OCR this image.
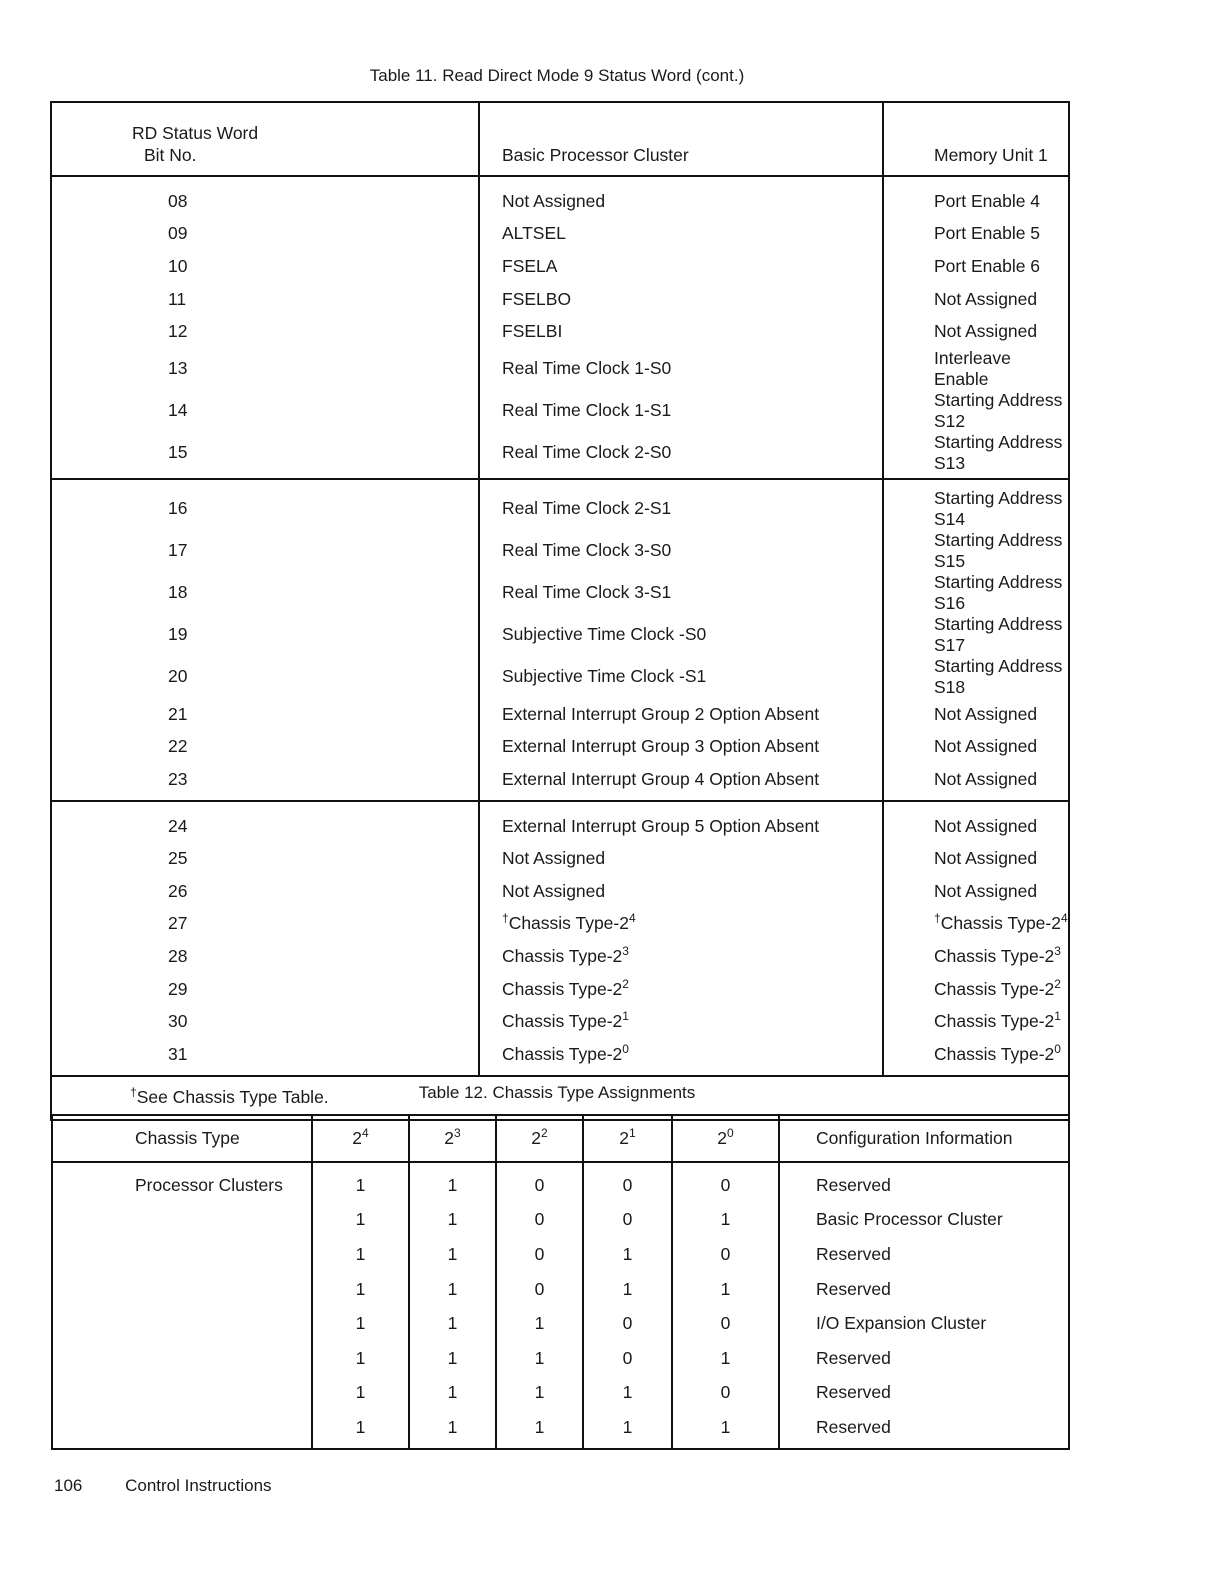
Table 11. Read Direct Mode 9 Status Word (cont.)
RD Status Word
Bit No.	Basic Processor Cluster	Memory Unit 1
08	Not Assigned	Port Enable 4
09	ALTSEL	Port Enable 5
10	FSELA	Port Enable 6
11	FSELBO	Not Assigned
12	FSELBI	Not Assigned
13	Real Time Clock 1-S0	Interleave Enable
14	Real Time Clock 1-S1	Starting Address S12
15	Real Time Clock 2-S0	Starting Address S13
16	Real Time Clock 2-S1	Starting Address S14
17	Real Time Clock 3-S0	Starting Address S15
18	Real Time Clock 3-S1	Starting Address S16
19	Subjective Time Clock -S0	Starting Address S17
20	Subjective Time Clock -S1	Starting Address S18
21	External Interrupt Group 2 Option Absent	Not Assigned
22	External Interrupt Group 3 Option Absent	Not Assigned
23	External Interrupt Group 4 Option Absent	Not Assigned
24	External Interrupt Group 5 Option Absent	Not Assigned
25	Not Assigned	Not Assigned
26	Not Assigned	Not Assigned
27	†Chassis Type-$2^4$	†Chassis Type-$2^4$
28	Chassis Type-$2^3$	Chassis Type-$2^3$
29	Chassis Type-$2^2$	Chassis Type-$2^2$
30	Chassis Type-$2^1$	Chassis Type-$2^1$
31	Chassis Type-$2^0$	Chassis Type-$2^0$
†See Chassis Type Table.			Table 12. Chassis Type Assignments
Chassis Type	$2^4$	$2^3$	$2^2$	$2^1$	$2^0$	Configuration Information
Processor Clusters	1	1	0	0	0	Reserved
	1	1	0	0	1	Basic Processor Cluster
	1	1	0	1	0	Reserved
	1	1	0	1	1	Reserved
	1	1	1	0	0	I/O Expansion Cluster
	1	1	1	0	1	Reserved
	1	1	1	1	0	Reserved
	1	1	1	1	1	Reserved
106	Control Instructions
